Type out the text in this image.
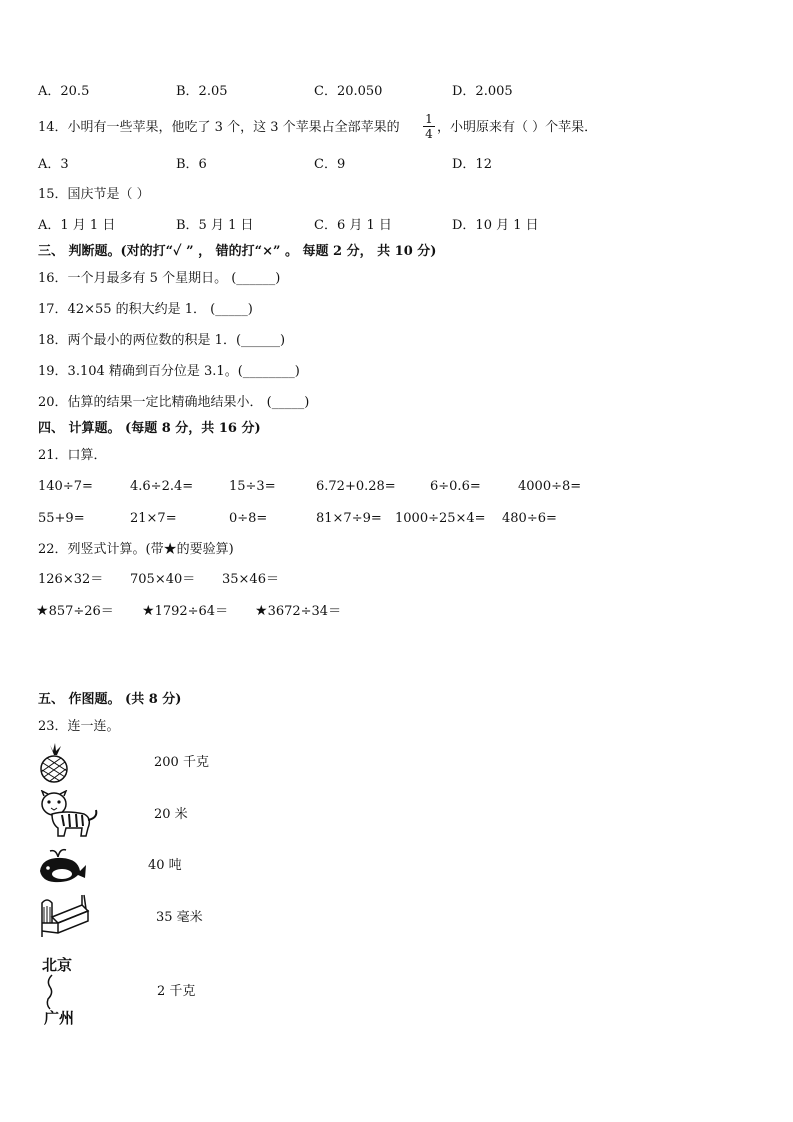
A．20.5	B．2.05	C．20.050	D．2.005
14．小明有一些苹果，他吃了 3 个，这 3 个苹果占全部苹果的
1
4 ，小明原来有（ ）个苹果．
A．3	B．6	C．9	D．12
15．国庆节是（ ）
A．1 月 1 日	B．5 月 1 日	C．6 月 1 日	D．10 月 1 日
三、 判断题。(对的打“✓ ” ， 错的打“×” 。 每题 2 分， 共 10 分)
16．一个月最多有 5 个星期日。 (______)
17．42×55 的积大约是 1． (_____)
18．两个最小的两位数的积是 1．(______)
19．3.104 精确到百分位是 3.1。(________)
20．估算的结果一定比精确地结果小． (_____)
四、 计算题。 (每题 8 分，共 16 分)
21．口算．
140÷7=	4.6÷2.4=	15÷3=	6.72+0.28=	6÷0.6=	4000÷8=
55+9=	21×7=	0÷8=	81×7÷9= 1000÷25×4= 480÷6=
22．列竖式计算。(带★的要验算)
126×32＝ 705×40＝ 35×46＝
★857÷26＝ ★1792÷64＝ ★3672÷34＝
五、 作图题。 (共 8 分)
23．连一连。
200 千克
20 米
40 吨
35 毫米
北京
广州
2 千克
